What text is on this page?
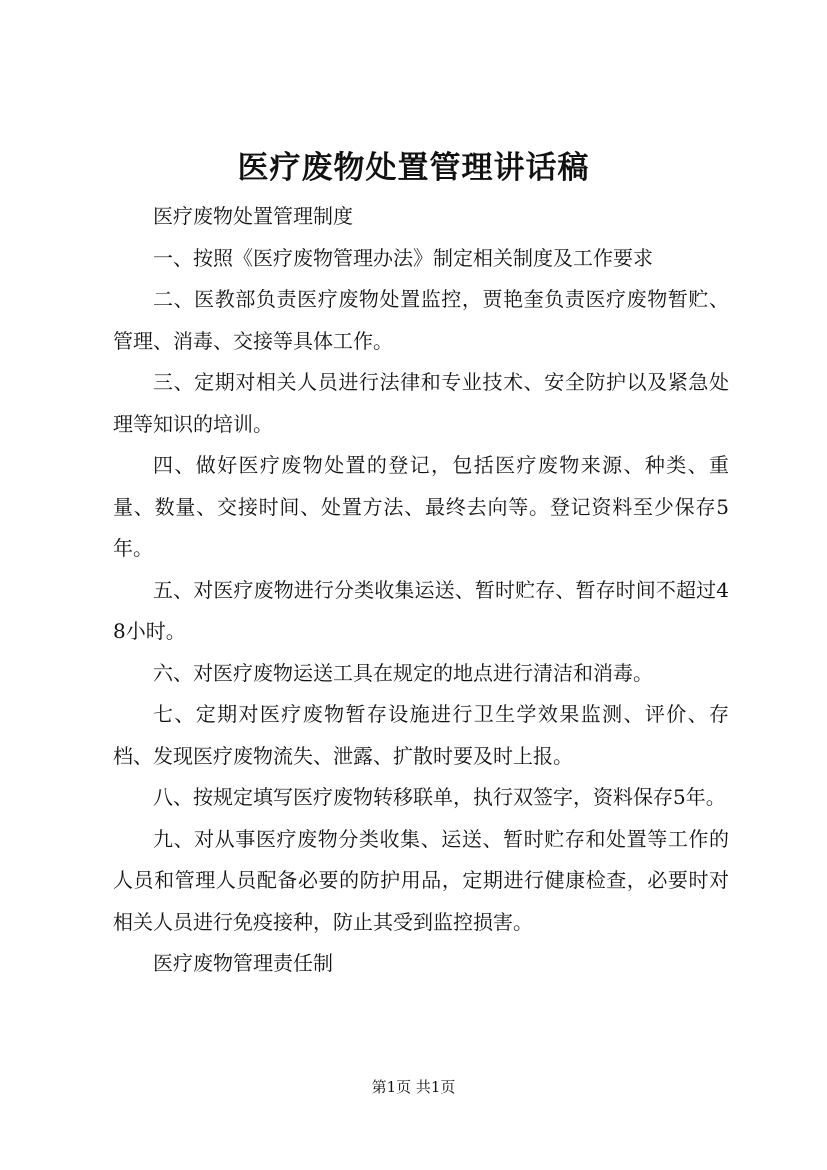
医疗废物处置管理讲话稿

医疗废物处置管理制度

一、按照《医疗废物管理办法》制定相关制度及工作要求

二、医教部负责医疗废物处置监控，贾艳奎负责医疗废物暂贮、管理、消毒、交接等具体工作。

三、定期对相关人员进行法律和专业技术、安全防护以及紧急处理等知识的培训。

四、做好医疗废物处置的登记，包括医疗废物来源、种类、重量、数量、交接时间、处置方法、最终去向等。登记资料至少保存5年。

五、对医疗废物进行分类收集运送、暂时贮存、暂存时间不超过48小时。

六、对医疗废物运送工具在规定的地点进行清洁和消毒。

七、定期对医疗废物暂存设施进行卫生学效果监测、评价、存档、发现医疗废物流失、泄露、扩散时要及时上报。

八、按规定填写医疗废物转移联单，执行双签字，资料保存5年。

九、对从事医疗废物分类收集、运送、暂时贮存和处置等工作的人员和管理人员配备必要的防护用品，定期进行健康检查，必要时对相关人员进行免疫接种，防止其受到监控损害。

医疗废物管理责任制

第1页 共1页
